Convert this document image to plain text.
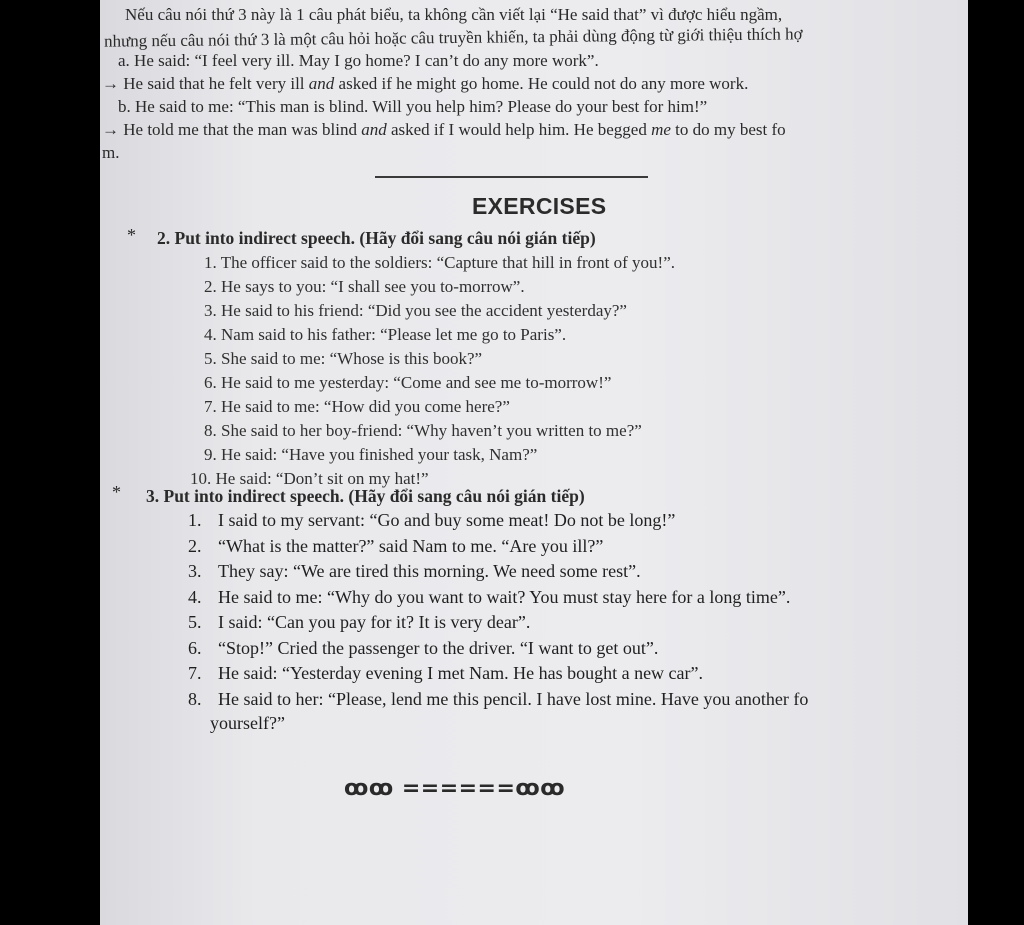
Nếu câu nói thứ 3 này là 1 câu phát biểu, ta không cần viết lại “He said that” vì được hiểu ngầm,
nhưng nếu câu nói thứ 3 là một câu hỏi hoặc câu truyền khiến, ta phải dùng động từ giới thiệu thích hợ
a. He said: “I feel very ill. May I go home? I can’t do any more work”.
→ He said that he felt very ill and asked if he might go home. He could not do any more work.
b. He said to me: “This man is blind. Will you help him? Please do your best for him!”
→ He told me that the man was blind and asked if I would help him. He begged me to do my best fo
m.
EXERCISES
* 2. Put into indirect speech. (Hãy đổi sang câu nói gián tiếp)
1. The officer said to the soldiers: “Capture that hill in front of you!”.
2. He says to you: “I shall see you to-morrow”.
3. He said to his friend: “Did you see the accident yesterday?”
4. Nam said to his father: “Please let me go to Paris”.
5. She said to me: “Whose is this book?”
6. He said to me yesterday: “Come and see me to-morrow!”
7. He said to me: “How did you come here?”
8. She said to her boy-friend: “Why haven’t you written to me?”
9. He said: “Have you finished your task, Nam?”
10. He said: “Don’t sit on my hat!”
* 3. Put into indirect speech. (Hãy đổi sang câu nói gián tiếp)
1. I said to my servant: “Go and buy some meat! Do not be long!”
2. “What is the matter?” said Nam to me. “Are you ill?”
3. They say: “We are tired this morning. We need some rest”.
4. He said to me: “Why do you want to wait? You must stay here for a long time”.
5. I said: “Can you pay for it? It is very dear”.
6. “Stop!” Cried the passenger to the driver. “I want to get out”.
7. He said: “Yesterday evening I met Nam. He has bought a new car”.
8. He said to her: “Please, lend me this pencil. I have lost mine. Have you another fo
yourself?”
ꝏꝏ ======ꝏꝏ
